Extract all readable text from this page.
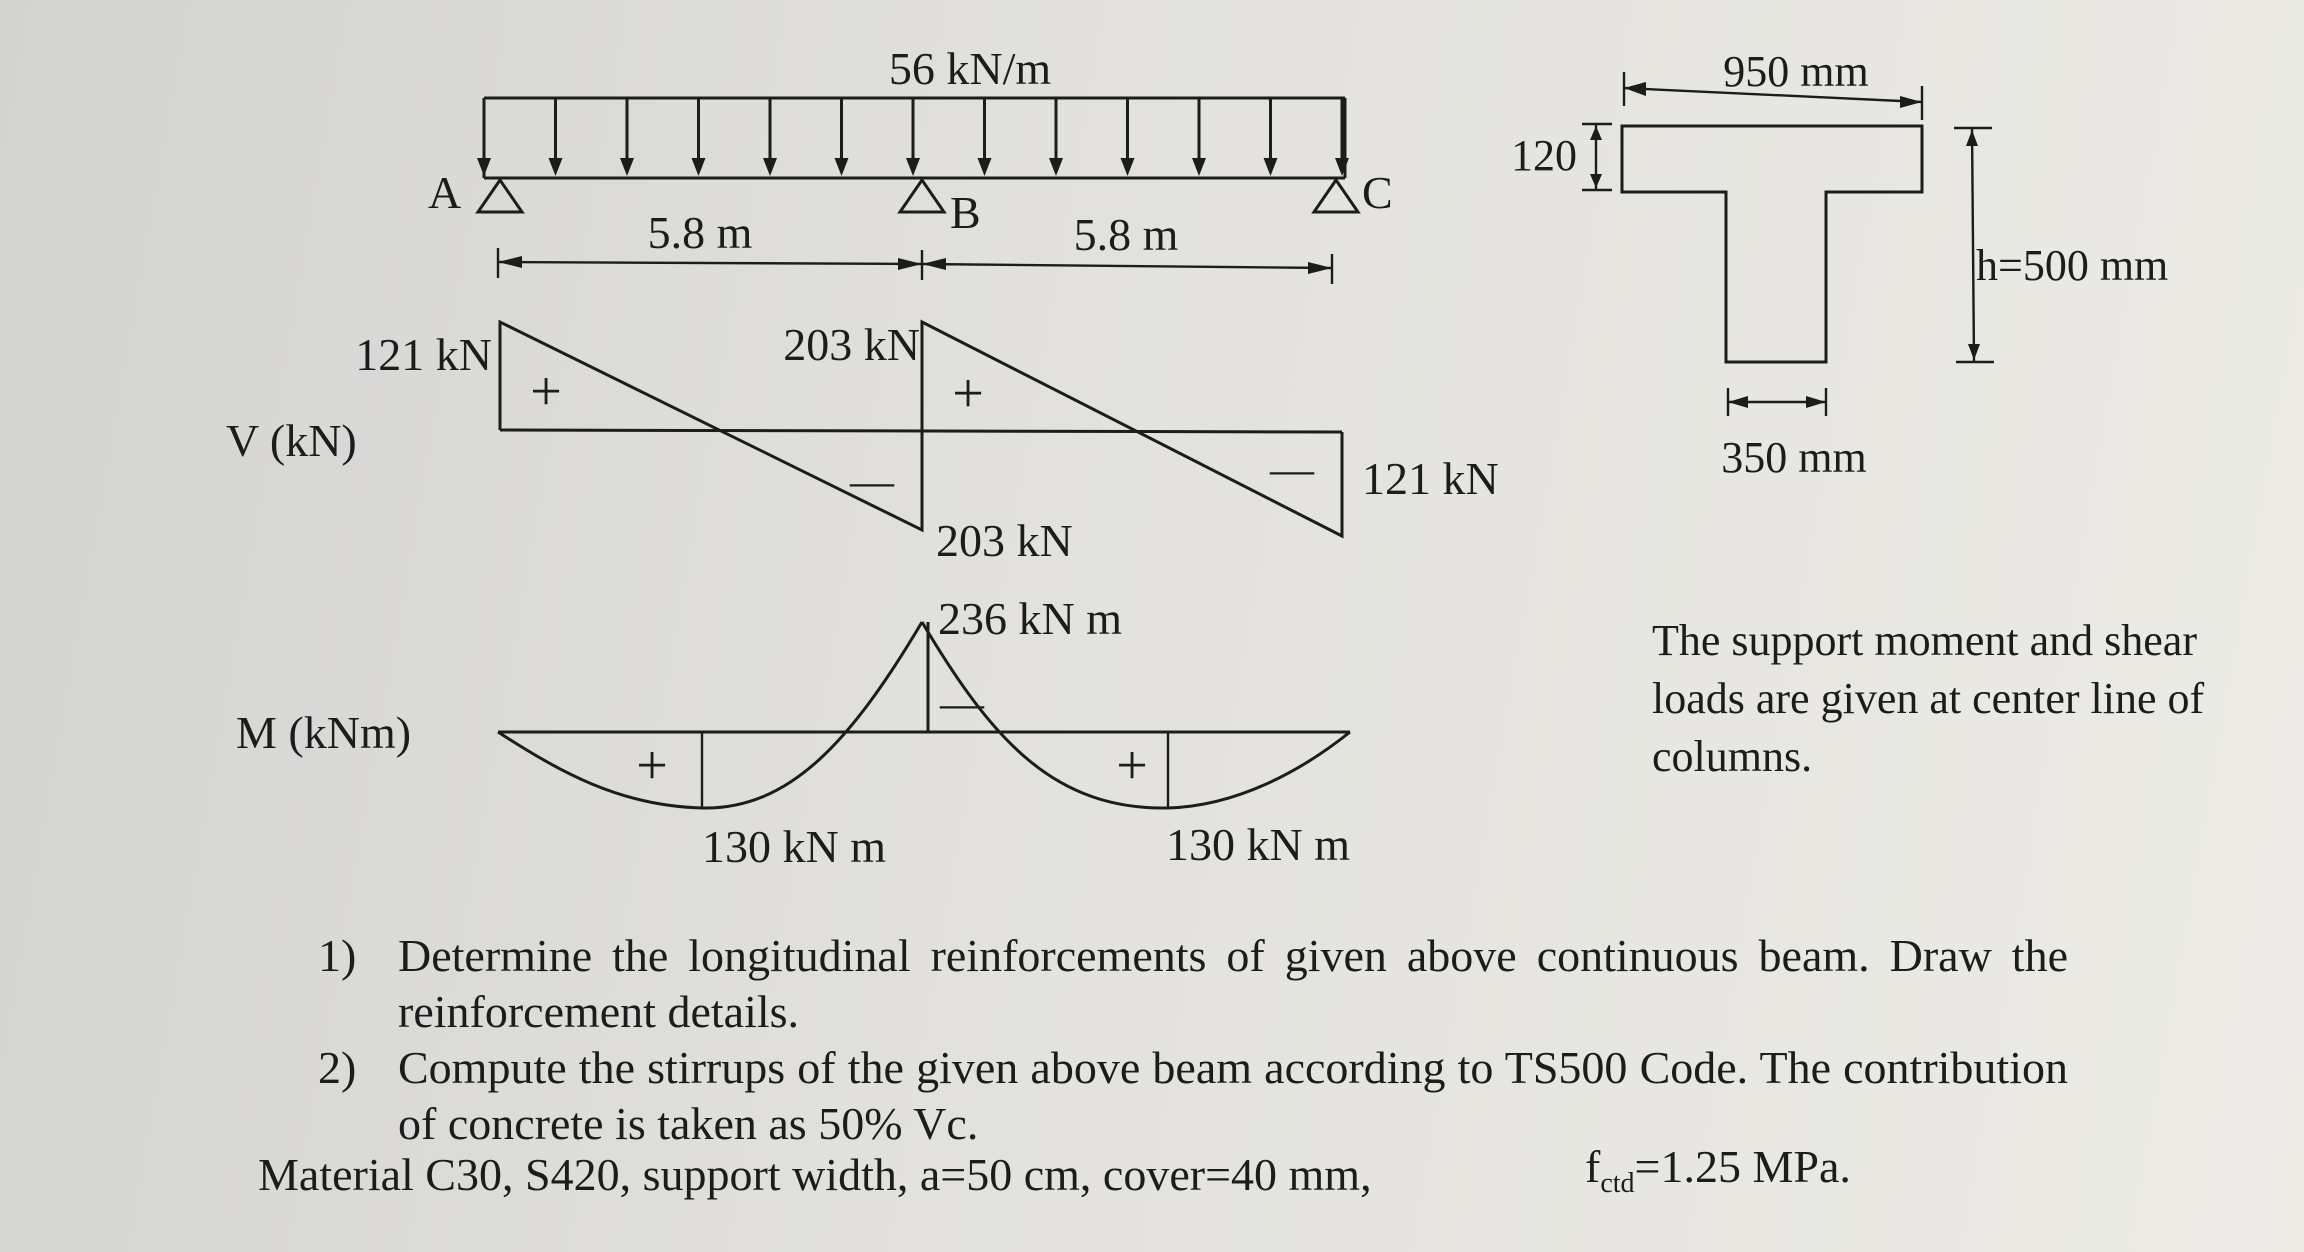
56 kN/m
A	B	C
5.8 m	5.8 m
121 kN	203 kN
203 kN
121 kN
V (kN)
+	+
—	—
236 kN m
130 kN m	130 kN m
M (kNm)
+	+
—
950 mm
120
h=500 mm
350 mm
The support moment and shear loads are given at center line of columns.

1) Determine the longitudinal reinforcements of given above continuous beam. Draw the reinforcement details.

2) Compute the stirrups of the given above beam according to TS500 Code. The contribution of concrete is taken as 50% Vc.

Material C30, S420, support width, a=50 cm, cover=40 mm,	$f_{ctd}=1.25$ MPa.
